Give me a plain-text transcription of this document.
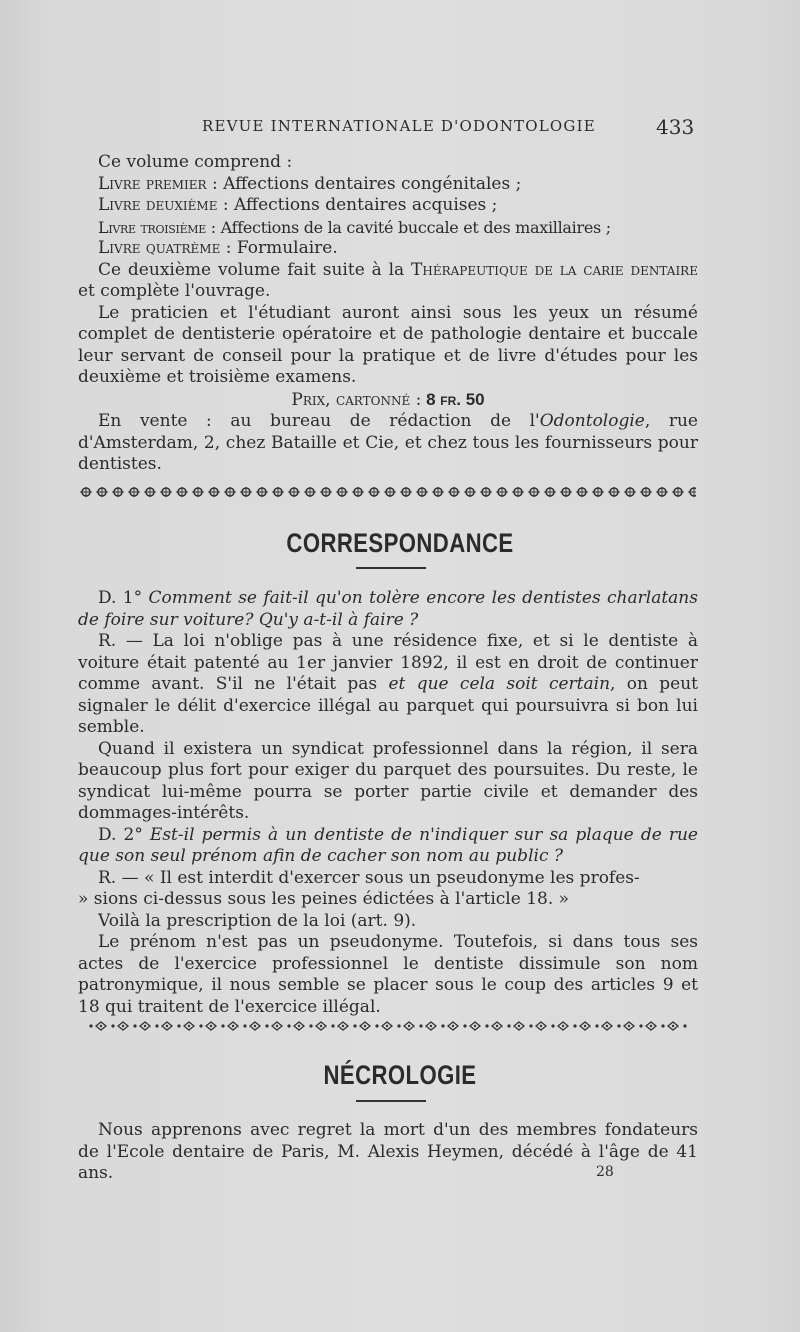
REVUE INTERNATIONALE D'ODONTOLOGIE	433

Ce volume comprend :

Livre premier : Affections dentaires congénitales ;

Livre deuxième : Affections dentaires acquises ;

Livre troisième : Affections de la cavité buccale et des maxillaires ;

Livre quatrème : Formulaire.

Ce deuxième volume fait suite à la Thérapeutique de la carie dentaire et complète l'ouvrage.

Le praticien et l'étudiant auront ainsi sous les yeux un résumé complet de dentisterie opératoire et de pathologie dentaire et buccale leur servant de conseil pour la pratique et de livre d'études pour les deuxième et troisième examens.

Prix, cartonné : 8 fr. 50

En vente : au bureau de rédaction de l'Odontologie, rue d'Amsterdam, 2, chez Bataille et Cie, et chez tous les fournisseurs pour dentistes.

CORRESPONDANCE

D. 1° Comment se fait-il qu'on tolère encore les dentistes charlatans de foire sur voiture? Qu'y a-t-il à faire ?

R. — La loi n'oblige pas à une résidence fixe, et si le dentiste à voiture était patenté au 1er janvier 1892, il est en droit de continuer comme avant. S'il ne l'était pas et que cela soit certain, on peut signaler le délit d'exercice illégal au parquet qui poursuivra si bon lui semble.

Quand il existera un syndicat professionnel dans la région, il sera beaucoup plus fort pour exiger du parquet des poursuites. Du reste, le syndicat lui-même pourra se porter partie civile et demander des dommages-intérêts.

D. 2° Est-il permis à un dentiste de n'indiquer sur sa plaque de rue que son seul prénom afin de cacher son nom au public ?

R. — « Il est interdit d'exercer sous un pseudonyme les profes-

» sions ci-dessus sous les peines édictées à l'article 18. »

Voilà la prescription de la loi (art. 9).

Le prénom n'est pas un pseudonyme. Toutefois, si dans tous ses actes de l'exercice professionnel le dentiste dissimule son nom patronymique, il nous semble se placer sous le coup des articles 9 et 18 qui traitent de l'exercice illégal.

NÉCROLOGIE

Nous apprenons avec regret la mort d'un des membres fondateurs de l'Ecole dentaire de Paris, M. Alexis Heymen, décédé à l'âge de 41 ans.	28
